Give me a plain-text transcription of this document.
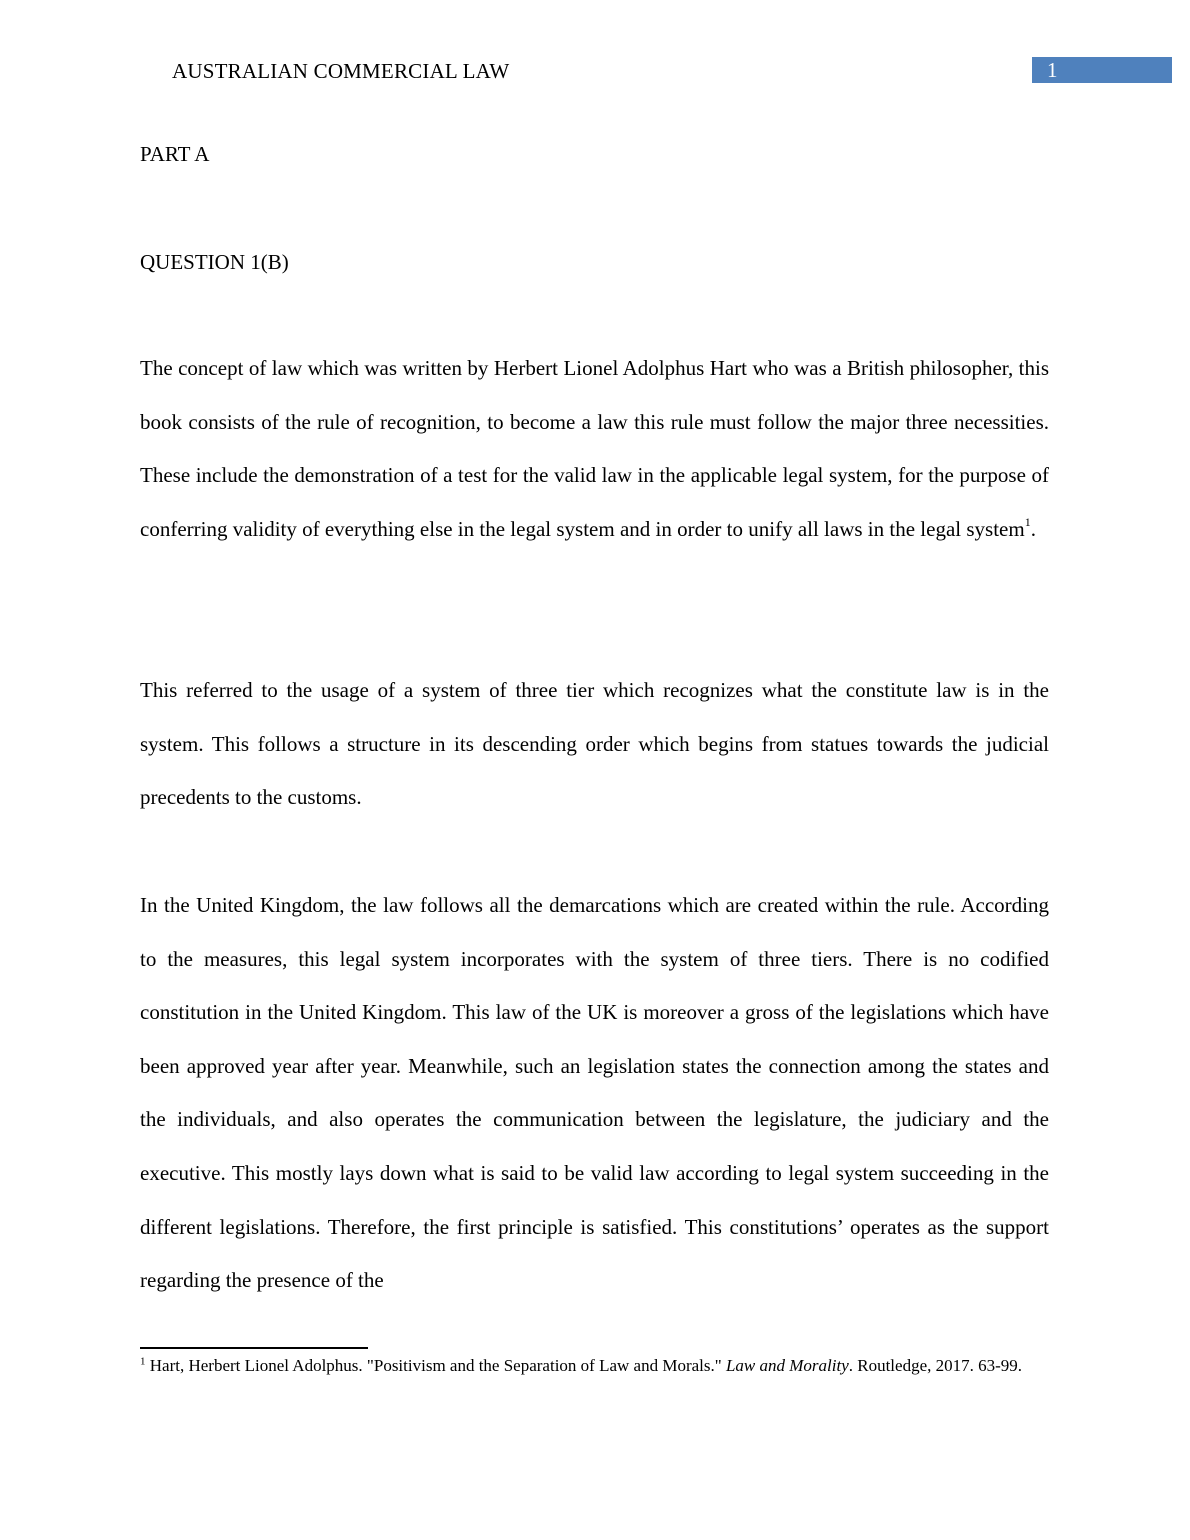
AUSTRALIAN COMMERCIAL LAW	1
PART A
QUESTION 1(B)

The concept of law which was written by Herbert Lionel Adolphus Hart who was a British philosopher, this book consists of the rule of recognition, to become a law this rule must follow the major three necessities. These include the demonstration of a test for the valid law in the applicable legal system, for the purpose of conferring validity of everything else in the legal system and in order to unify all laws in the legal system$^1$.

This referred to the usage of a system of three tier which recognizes what the constitute law is in the system. This follows a structure in its descending order which begins from statues towards the judicial precedents to the customs.

In the United Kingdom, the law follows all the demarcations which are created within the rule. According to the measures, this legal system incorporates with the system of three tiers. There is no codified constitution in the United Kingdom. This law of the UK is moreover a gross of the legislations which have been approved year after year. Meanwhile, such an legislation states the connection among the states and the individuals, and also operates the communication between the legislature, the judiciary and the executive. This mostly lays down what is said to be valid law according to legal system succeeding in the different legislations. Therefore, the first principle is satisfied. This constitutions’ operates as the support regarding the presence of the

$^1$ Hart, Herbert Lionel Adolphus. "Positivism and the Separation of Law and Morals." Law and Morality. Routledge, 2017. 63-99.
